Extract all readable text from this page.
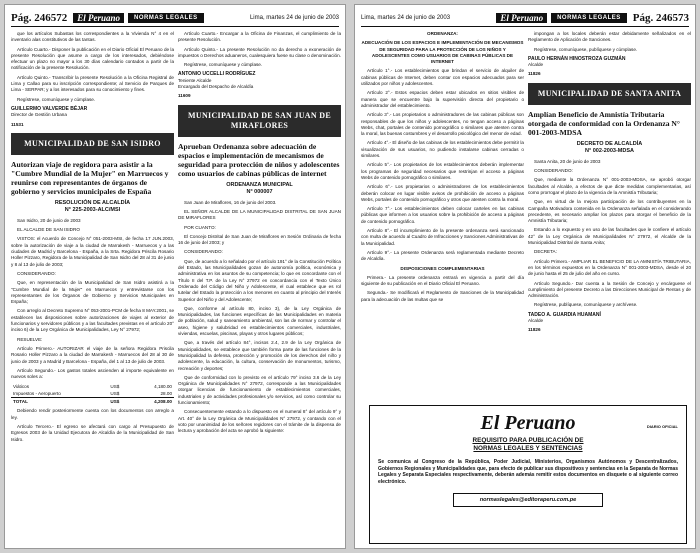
Pág. 246572	El Peruano	NORMAS LEGALES	Lima, martes 24 de junio de 2003

que los artículos Subastas los correspondientes a la Vivienda N° 4 en el inventario alas constitutivos de las tantas.

Artículo Cuarto.- Disponer la publicación en el Diario Oficial El Peruano de la presente Resolución que asume a cargo de los interesados, debiéndose efectuar un plazo no mayor a los 30 días calendario contados a partir de la notificación de la presente Resolución.

Artículo Quinto.- Transcribir la presente Resolución a la Oficina Registral de Lima y Callao para su inscripción correspondiente; al Servicio de Parques de Lima - SERPAR; y a los interesados para su conocimiento y fines.

Regístrese, comuníquese y cúmplase.

GUILLERMO VALVERDE BÉJAR

Director de Gestión Urbana

11531

MUNICIPALIDAD DE SAN ISIDRO
Autorizan viaje de regidora para asistir a la "Cumbre Mundial de la Mujer" en Marruecos y reunirse con representantes de órganos de gobierno y servicios municipales de España
RESOLUCIÓN DE ALCALDÍA
N° 225-2003-ALC/MSI

San Isidro, 20 de junio de 2003

EL ALCALDE DE SAN ISIDRO

VISTOS: el Acuerdo de Concejo N° 051-2003-MSI, de fecha 17 JUN.2003, sobre la autorización de viaje a la ciudad de Marrakesh - Marruecos y a las ciudades de Madrid y Barcelona - España, a la Srta. Regidora Priscila Rosario Holler Pizzaro, Regidora de la Municipalidad de San Isidro del 28 al 31 de junio y 8 al 13 de julio de 2003;

CONSIDERANDO:

Que, en representación de la Municipalidad de San Isidro asistirá a la "Cumbre Mundial de la Mujer" en Marruecos y entrevistarse con los representantes de los Órganos de Gobierno y Servicios Municipales en España;

Con arreglo al Decreto Supremo N° 053-2001-PCM de fecha 8 MAY.2001, se establecen las disposiciones sobre autorizaciones de viajes al exterior de funcionarios y servidores públicos y a las facultades previstas en el artículo 20° inciso 6) de la Ley Orgánica de Municipalidades, Ley N° 27972;

RESUELVE:

Artículo Primero.- AUTORIZAR el viaje de la señora Regidora Priscila Rosario Holler Pizzaro a la ciudad de Marrakesh - Marruecos del 28 al 30 de junio de 2003 y a Madrid y Barcelona - España, del 1 al 13 de julio de 2003.

Artículo Segundo.- Los gastos totales ascienden al importe equivalente en nuevos soles a:

Viáticos	US$	4,180.00
Impuestos - Aeropuerto	US$	28.00
TOTAL	US$	4,208.00

Debiendo rendir posteriormente cuenta con los documentos con arreglo a ley.

Artículo Tercero.- El egreso se afectará con cargo al Presupuesto de Egresos 2003 de la Unidad Ejecutora de Alcaldía de la Municipalidad de San Isidro.

Artículo Cuarto.- Encargar a la Oficina de Finanzas, el cumplimiento de la presente Resolución.

Artículo Quinto.- La presente Resolución no da derecho a exoneración de impuestos o Derechos aduaneros, cualesquiera fuese su clase o denominación.

Regístrese, comuníquese y cúmplase.

ANTONIO UCCELLI RODRÍGUEZ

Teniente Alcalde

Encargado del Despacho de Alcaldía

11609

MUNICIPALIDAD DE SAN JUAN DE MIRAFLORES
Aprueban Ordenanza sobre adecuación de espacios e implementación de mecanismos de seguridad para protección de niños y adolescentes como usuarios de cabinas públicas de internet
ORDENANZA MUNICIPAL
N° 000007

San Juan de Miraflores, 16 de junio del 2003.

EL SEÑOR ALCALDE DE LA MUNICIPALIDAD DISTRITAL DE SAN JUAN DE MIRAFLORES

POR CUANTO:

El Concejo Distrital de San Juan de Miraflores en Sesión Ordinaria de fecha 16 de junio del 2003; y

CONSIDERANDO:

Que, de acuerdo a lo señalado por el artículo 191° de la Constitución Política del Estado, las Municipalidades gozan de autonomía política, económica y administrativa en los asuntos de su competencia; lo que es concordante con el Título II del T.P. de la Ley N° 27972 en concordancia con el Texto Único Ordenado del Código del Niño y Adolescente, el cual establece que es rol tutelar del Estado la protección a los menores en cuanto al principio del Interés Superior del Niño y del Adolescente;

Que, conforme al artículo 80, inciso 3), de la Ley Orgánica de Municipalidades, las funciones específicas de las Municipalidades en materia de población, salud y saneamiento ambiental, son las de normar y controlar el aseo, higiene y salubridad en establecimientos comerciales, industriales, viviendas, escuelas, piscinas, playas y otros lugares públicos;

Que, a través del artículo 84°, incisos 2.4, 2.9 de la Ley Orgánica de Municipalidades, se establece que también forma parte de las funciones de la Municipalidad la defensa, protección y promoción de los derechos del niño y adolescente, la educación, la cultura, conservación de monumentos, turismo, recreación y deportes;

Que de conformidad con lo previsto en el artículo 79° inciso 3.6 de la Ley Orgánica de Municipalidades N° 27972, corresponde a las Municipalidades otorgar licencias de funcionamiento de establecimientos comerciales, industriales y de actividades profesionales y/o servicios, así como controlar su funcionamiento;

Consecuentemente estando a lo dispuesto en el numeral 8° del artículo 9° y Art. 40° de la Ley Orgánica de Municipalidades N° 27972, y contando con el voto por unanimidad de los señores regidores con el trámite de la dispensa de lectura y aprobación del acta se aprobó la siguiente:

Lima, martes 24 de junio de 2003	El Peruano	NORMAS LEGALES	Pág. 246573

ORDENANZA:

ADECUACIÓN DE LOS ESPACIOS E IMPLEMENTACIÓN DE MECANISMOS DE SEGURIDAD PARA LA PROTECCIÓN DE LOS NIÑOS Y ADOLESCENTES COMO USUARIOS DE CABINAS PÚBLICAS DE INTERNET

Artículo 1°.- Los establecimientos que brindan el servicio de alquiler de cabinas públicas de Internet, deben contar con espacios adecuados para ser utilizados por niños y adolescentes.

Artículo 2°.- Estos espacios deben estar ubicados en sitios visibles de manera que se encuentre bajo la supervisión directa del propietario o administrador del establecimiento.

Artículo 3°.- Los propietarios o administradores de las cabinas públicas son responsables de que los niños y adolescentes, no tengan acceso a páginas Webs, chat, portales de contenido pornográfico o similares que atenten contra la moral, las buenas costumbres y el desarrollo psicológico del menor de edad.

Artículo 4°.- El diseño de las cabinas de los establecimientos debe permitir la visualización de sus usuarios, no pudiendo instalarse cabinas cerradas o similares.

Artículo 5°.- Los propietarios de los establecimientos deberán implementar los programas de seguridad necesarios que restrinjan el acceso a páginas Webs de contenido pornográfico o similares.

Artículo 6°.- Los propietarios o administradores de los establecimientos deberán colocar en lugar visible avisos de prohibición de acceso a páginas Webs, portales de contenido pornográfico y otros que atenten contra la moral.

Artículo 7°.- Los establecimientos deben colocar carteles en las cabinas públicas que informen a los usuarios sobre la prohibición de acceso a páginas de contenido pornográfico.

Artículo 8°.- El incumplimiento de la presente ordenanza será sancionado con multa de acuerdo al Cuadro de Infracciones y Sanciones Administrativas de la Municipalidad.

Artículo 9°.- La presente Ordenanza será reglamentada mediante Decreto de Alcaldía.

DISPOSICIONES COMPLEMENTARIAS

Primera.- La presente ordenanza entrará en vigencia a partir del día siguiente de su publicación en el Diario Oficial El Peruano.

Segunda.- Se modificará el Reglamento de Sanciones de la Municipalidad para la adecuación de las multas que se

impongan a los locales deberán estar debidamente señalizados en el Reglamento de Aplicación de Sanciones.

Regístrese, comuníquese, publíquese y cúmplase.

PAULO HERNÁN HINOSTROZA GUZMÁN

Alcalde

11826

MUNICIPALIDAD DE SANTA ANITA
Amplían Beneficio de Amnistía Tributaria otorgada de conformidad con la Ordenanza N° 001-2003-MDSA
DECRETO DE ALCALDÍA
N° 002-2003-MDSA

Santa Anita, 20 de junio de 2003

CONSIDERANDO:

Que, mediante la Ordenanza N° 001-2003-MDSA, se aprobó otorgar facultades al Alcalde, a efectos de que dicte medidas complementarias, así como prorrogar el plazo de la vigencia de la Amnistía Tributaria;

Que, en virtud de la mejora participación de los contribuyentes en la Campaña Motivadora contenida en la Ordenanza señalada en el considerando precedente, es necesario ampliar los plazos para otorgar el beneficio de la Amnistía Tributaria;

Estando a lo expuesto y en uso de las facultades que le confiere el artículo 42° de la Ley Orgánica de Municipalidades N° 27972, el Alcalde de la Municipalidad Distrital de Santa Anita;

DECRETA:

Artículo Primero.- AMPLIAR EL BENEFICIO DE LA AMNISTÍA TRIBUTARIA, en los términos expuestos en la Ordenanza N° 001-2003-MDSA, desde el 20 de junio hasta el 25 de julio del año en curso.

Artículo Segundo.- Dar cuenta a la Sesión de Concejo y encárguese el cumplimiento del presente Decreto a las Direcciones Municipal de Rentas y de Administración.

Regístrese, publíquese, comuníquese y archívese.

TADEO A. GUARDIA HUAMANÍ

Alcalde

11826

El Peruano	DIARIO OFICIAL
REQUISITO PARA PUBLICACIÓN DE
NORMAS LEGALES Y SENTENCIAS
Se comunica al Congreso de la República, Poder Judicial, Ministerios, Organismos Autónomos y Descentralizados, Gobiernos Regionales y Municipalidades que, para efecto de publicar sus dispositivos y sentencias en la Separata de Normas Legales y Separata Especiales respectivamente, deberán además remitir estos documentos en disquete o al siguiente correo electrónico.
normaslegales@editoraperu.com.pe
